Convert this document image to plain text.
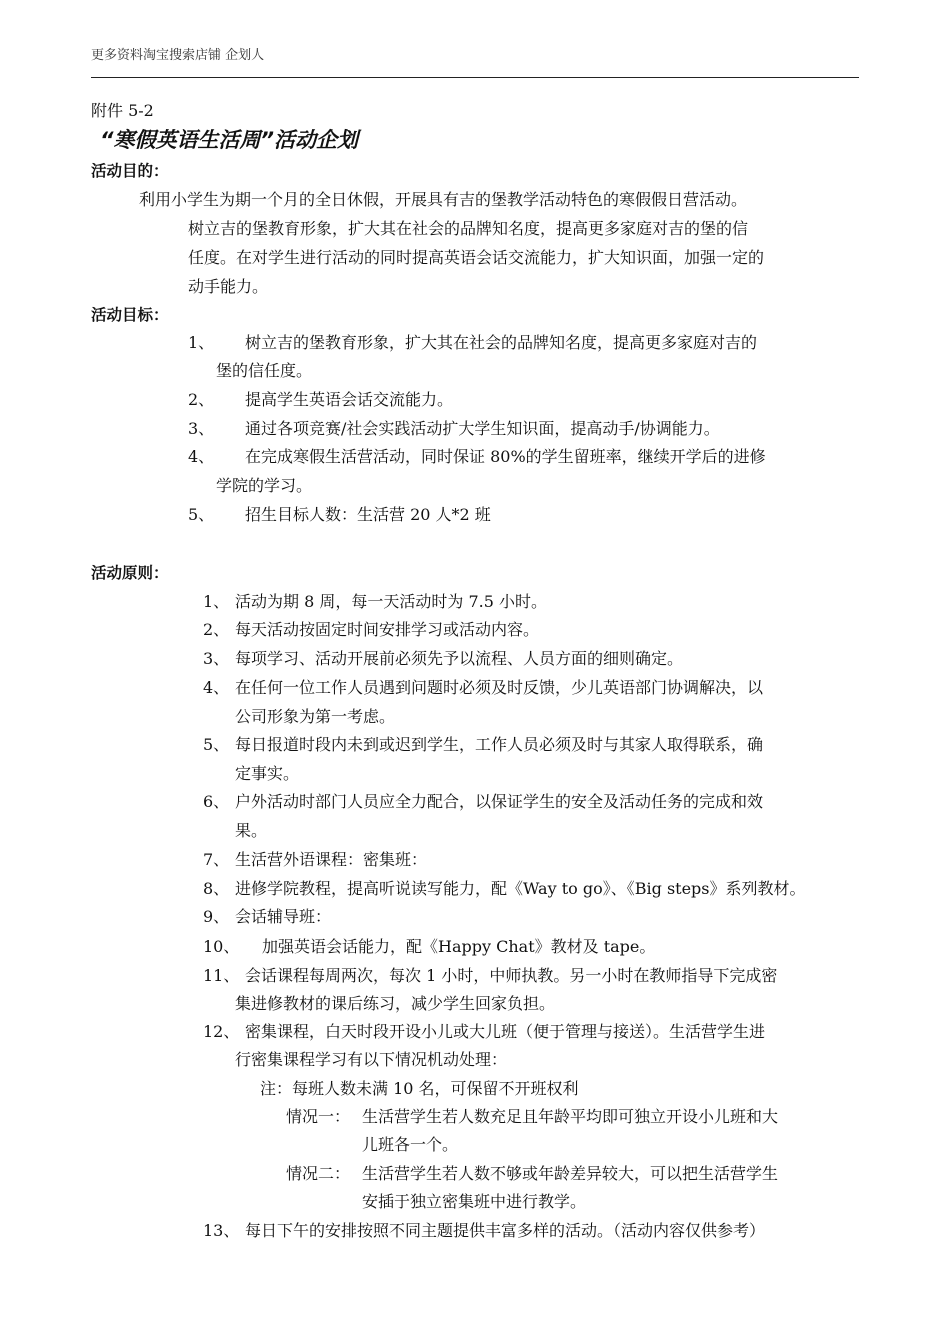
更多资料淘宝搜索店铺 企划人
附件 5-2
“寒假英语生活周”活动企划
活动目的：
利用小学生为期一个月的全日休假，开展具有吉的堡教学活动特色的寒假假日营活动。
树立吉的堡教育形象，扩大其在社会的品牌知名度，提高更多家庭对吉的堡的信
任度。在对学生进行活动的同时提高英语会话交流能力，扩大知识面，加强一定的
动手能力。
活动目标：
1、 树立吉的堡教育形象，扩大其在社会的品牌知名度，提高更多家庭对吉的
堡的信任度。
2、 提高学生英语会话交流能力。
3、 通过各项竞赛/社会实践活动扩大学生知识面，提高动手/协调能力。
4、 在完成寒假生活营活动，同时保证 80%的学生留班率，继续开学后的进修
学院的学习。
5、 招生目标人数：生活营 20 人*2 班
活动原则：
1、 活动为期 8 周，每一天活动时为 7.5 小时。
2、 每天活动按固定时间安排学习或活动内容。
3、 每项学习、活动开展前必须先予以流程、人员方面的细则确定。
4、 在任何一位工作人员遇到问题时必须及时反馈，少儿英语部门协调解决，以
公司形象为第一考虑。
5、 每日报道时段内未到或迟到学生，工作人员必须及时与其家人取得联系，确
定事实。
6、 户外活动时部门人员应全力配合，以保证学生的安全及活动任务的完成和效
果。
7、 生活营外语课程：密集班：
8、 进修学院教程，提高听说读写能力，配《Way to go》、《Big steps》系列教材。
9、 会话辅导班：
10、 加强英语会话能力，配《Happy Chat》教材及 tape。
11、 会话课程每周两次，每次 1 小时，中师执教。另一小时在教师指导下完成密
集进修教材的课后练习，减少学生回家负担。
12、 密集课程，白天时段开设小儿或大儿班（便于管理与接送）。生活营学生进
行密集课程学习有以下情况机动处理：
注：每班人数未满 10 名，可保留不开班权利
情况一： 生活营学生若人数充足且年龄平均即可独立开设小儿班和大
儿班各一个。
情况二： 生活营学生若人数不够或年龄差异较大，可以把生活营学生
安插于独立密集班中进行教学。
13、 每日下午的安排按照不同主题提供丰富多样的活动。（活动内容仅供参考）
